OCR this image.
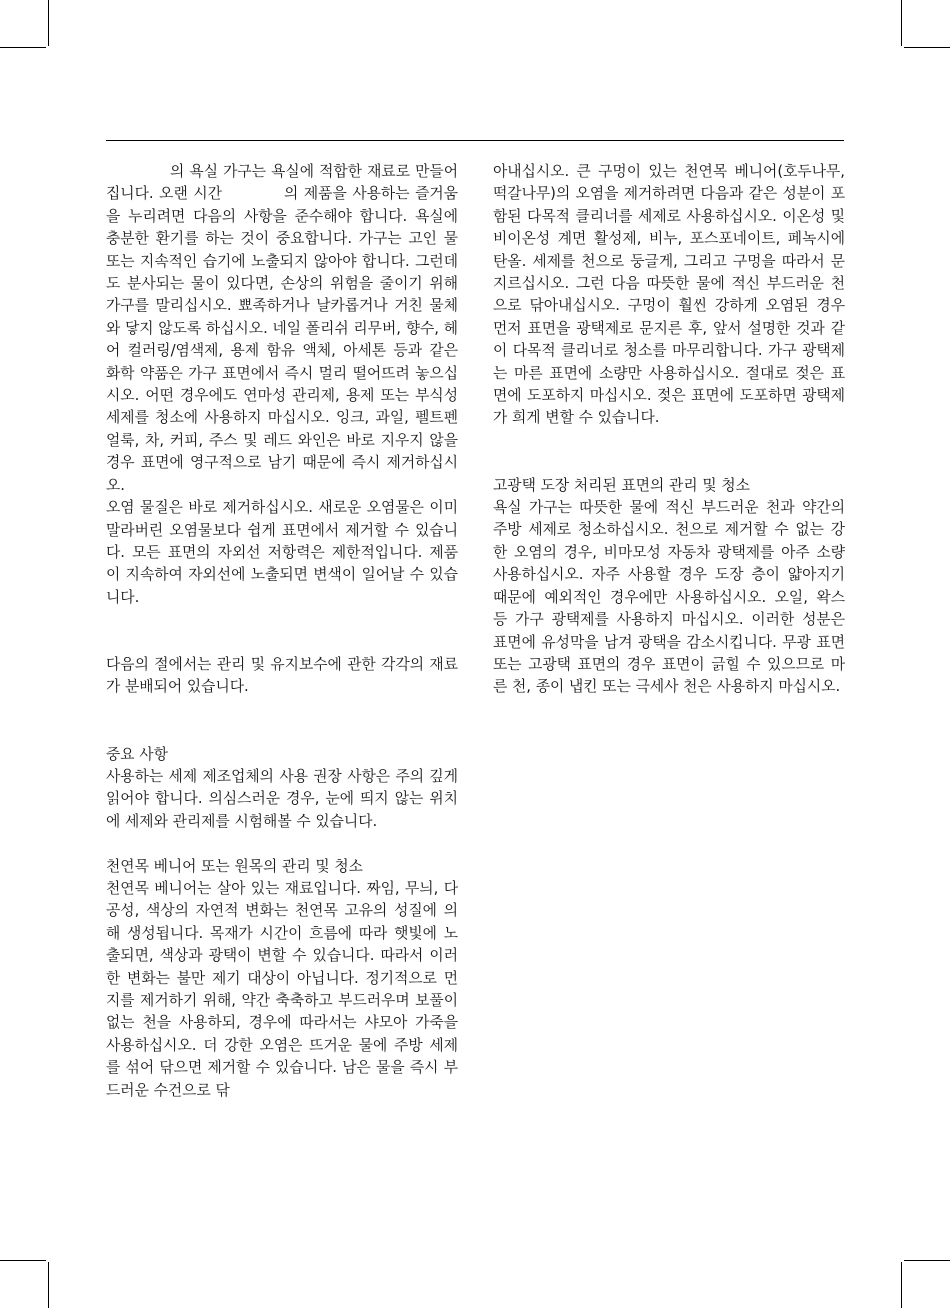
의 욕실 가구는 욕실에 적합한 재료로 만들어집니다. 오랜 시간	의 제품을 사용하는 즐거움을 누리려면 다음의 사항을 준수해야 합니다. 욕실에 충분한 환기를 하는 것이 중요합니다. 가구는 고인 물 또는 지속적인 습기에 노출되지 않아야 합니다. 그런데도 분사되는 물이 있다면, 손상의 위험을 줄이기 위해 가구를 말리십시오. 뾰족하거나 날카롭거나 거친 물체와 닿지 않도록 하십시오. 네일 폴리쉬 리무버, 향수, 헤어 컬러링/염색제, 용제 함유 액체, 아세톤 등과 같은 화학 약품은 가구 표면에서 즉시 멀리 떨어뜨려 놓으십시오. 어떤 경우에도 연마성 관리제, 용제 또는 부식성 세제를 청소에 사용하지 마십시오. 잉크, 과일, 펠트펜 얼룩, 차, 커피, 주스 및 레드 와인은 바로 지우지 않을 경우 표면에 영구적으로 남기 때문에 즉시 제거하십시오.

오염 물질은 바로 제거하십시오. 새로운 오염물은 이미 말라버린 오염물보다 쉽게 표면에서 제거할 수 있습니다. 모든 표면의 자외선 저항력은 제한적입니다. 제품이 지속하여 자외선에 노출되면 변색이 일어날 수 있습니다.

다음의 절에서는 관리 및 유지보수에 관한 각각의 재료가 분배되어 있습니다.

중요 사항

사용하는 세제 제조업체의 사용 권장 사항은 주의 깊게 읽어야 합니다. 의심스러운 경우, 눈에 띄지 않는 위치에 세제와 관리제를 시험해볼 수 있습니다.

천연목 베니어 또는 원목의 관리 및 청소

천연목 베니어는 살아 있는 재료입니다. 짜임, 무늬, 다공성, 색상의 자연적 변화는 천연목 고유의 성질에 의해 생성됩니다. 목재가 시간이 흐름에 따라 햇빛에 노출되면, 색상과 광택이 변할 수 있습니다. 따라서 이러한 변화는 불만 제기 대상이 아닙니다. 정기적으로 먼지를 제거하기 위해, 약간 축축하고 부드러우며 보풀이 없는 천을 사용하되, 경우에 따라서는 샤모아 가죽을 사용하십시오. 더 강한 오염은 뜨거운 물에 주방 세제를 섞어 닦으면 제거할 수 있습니다. 남은 물을 즉시 부드러운 수건으로 닦

아내십시오. 큰 구멍이 있는 천연목 베니어(호두나무, 떡갈나무)의 오염을 제거하려면 다음과 같은 성분이 포함된 다목적 클리너를 세제로 사용하십시오. 이온성 및 비이온성 계면 활성제, 비누, 포스포네이트, 페녹시에탄올. 세제를 천으로 둥글게, 그리고 구멍을 따라서 문지르십시오. 그런 다음 따뜻한 물에 적신 부드러운 천으로 닦아내십시오. 구멍이 훨씬 강하게 오염된 경우 먼저 표면을 광택제로 문지른 후, 앞서 설명한 것과 같이 다목적 클리너로 청소를 마무리합니다. 가구 광택제는 마른 표면에 소량만 사용하십시오. 절대로 젖은 표면에 도포하지 마십시오. 젖은 표면에 도포하면 광택제가 희게 변할 수 있습니다.

고광택 도장 처리된 표면의 관리 및 청소

욕실 가구는 따뜻한 물에 적신 부드러운 천과 약간의 주방 세제로 청소하십시오. 천으로 제거할 수 없는 강한 오염의 경우, 비마모성 자동차 광택제를 아주 소량 사용하십시오. 자주 사용할 경우 도장 층이 얇아지기 때문에 예외적인 경우에만 사용하십시오. 오일, 왁스 등 가구 광택제를 사용하지 마십시오. 이러한 성분은 표면에 유성막을 남겨 광택을 감소시킵니다. 무광 표면 또는 고광택 표면의 경우 표면이 긁힐 수 있으므로 마른 천, 종이 냅킨 또는 극세사 천은 사용하지 마십시오.
